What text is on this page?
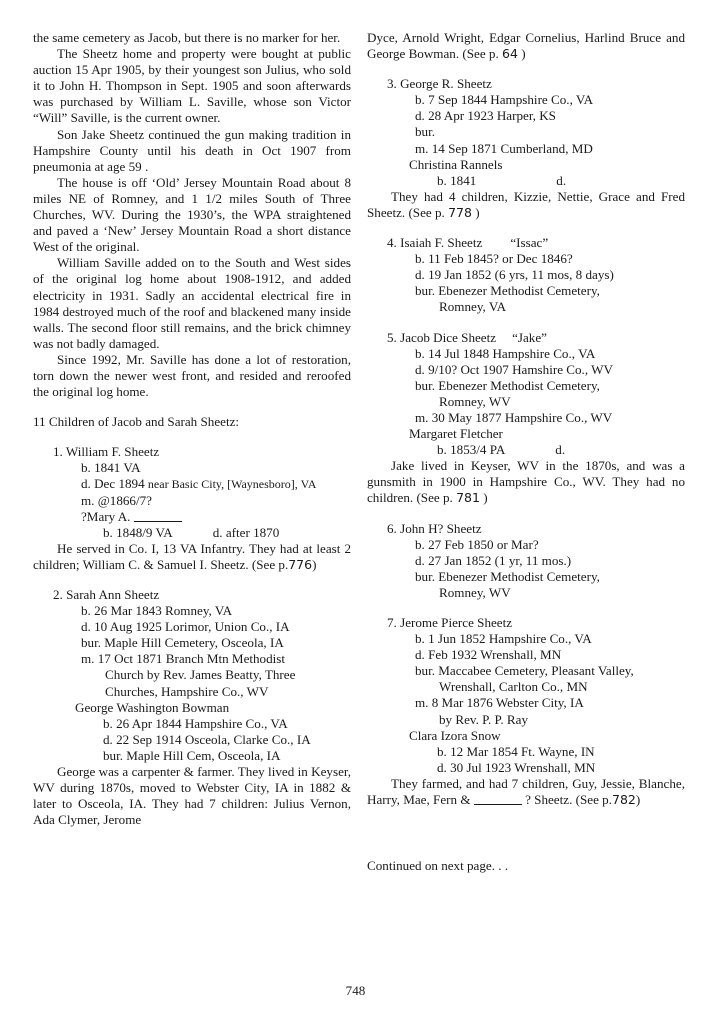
the same cemetery as Jacob, but there is no marker for her.

The Sheetz home and property were bought at public auction 15 Apr 1905, by their youngest son Julius, who sold it to John H. Thompson in Sept. 1905 and soon afterwards was purchased by William L. Saville, whose son Victor “Will” Saville, is the current owner.

Son Jake Sheetz continued the gun making tradition in Hampshire County until his death in Oct 1907 from pneumonia at age 59 .

The house is off ‘Old’ Jersey Mountain Road about 8 miles NE of Romney, and 1 1/2 miles South of Three Churches, WV. During the 1930’s, the WPA straightened and paved a ‘New’ Jersey Mountain Road a short distance West of the original.

William Saville added on to the South and West sides of the original log home about 1908-1912, and added electricity in 1931. Sadly an accidental electrical fire in 1984 destroyed much of the roof and blackened many inside walls. The second floor still remains, and the brick chimney was not badly damaged.

Since 1992, Mr. Saville has done a lot of restoration, torn down the newer west front, and resided and reroofed the original log home.

11 Children of Jacob and Sarah Sheetz:

1. William F. Sheetz
b. 1841 VA
d. Dec 1894 near Basic City, [Waynesboro], VA
m. @1866/7?
?Mary A.
b. 1848/9 VA	d. after 1870

He served in Co. I, 13 VA Infantry. They had at least 2 children; William C. & Samuel I. Sheetz. (See p.776)

2. Sarah Ann Sheetz
b. 26 Mar 1843 Romney, VA
d. 10 Aug 1925 Lorimor, Union Co., IA
bur. Maple Hill Cemetery, Osceola, IA
m. 17 Oct 1871 Branch Mtn Methodist
Church by Rev. James Beatty, Three
Churches, Hampshire Co., WV
George Washington Bowman
b. 26 Apr 1844 Hampshire Co., VA
d. 22 Sep 1914 Osceola, Clarke Co., IA
bur. Maple Hill Cem, Osceola, IA

George was a carpenter & farmer. They lived in Keyser, WV during 1870s, moved to Webster City, IA in 1882 & later to Osceola, IA. They had 7 children: Julius Vernon, Ada Clymer, Jerome

Dyce, Arnold Wright, Edgar Cornelius, Harlind Bruce and George Bowman. (See p. 64 )

3. George R. Sheetz
b. 7 Sep 1844 Hampshire Co., VA
d. 28 Apr 1923 Harper, KS
bur.
m. 14 Sep 1871 Cumberland, MD
Christina Rannels
b. 1841	d.

They had 4 children, Kizzie, Nettie, Grace and Fred Sheetz. (See p. 778 )

4. Isaiah F. Sheetz “Issac”
b. 11 Feb 1845? or Dec 1846?
d. 19 Jan 1852 (6 yrs, 11 mos, 8 days)
bur. Ebenezer Methodist Cemetery,
Romney, VA
5. Jacob Dice Sheetz “Jake”
b. 14 Jul 1848 Hampshire Co., VA
d. 9/10? Oct 1907 Hamshire Co., WV
bur. Ebenezer Methodist Cemetery,
Romney, WV
m. 30 May 1877 Hampshire Co., WV
Margaret Fletcher
b. 1853/4 PA	d.

Jake lived in Keyser, WV in the 1870s, and was a gunsmith in 1900 in Hampshire Co., WV. They had no children. (See p. 781 )

6. John H? Sheetz
b. 27 Feb 1850 or Mar?
d. 27 Jan 1852 (1 yr, 11 mos.)
bur. Ebenezer Methodist Cemetery,
Romney, WV
7. Jerome Pierce Sheetz
b. 1 Jun 1852 Hampshire Co., VA
d. Feb 1932 Wrenshall, MN
bur. Maccabee Cemetery, Pleasant Valley,
Wrenshall, Carlton Co., MN
m. 8 Mar 1876 Webster City, IA
by Rev. P. P. Ray
Clara Izora Snow
b. 12 Mar 1854 Ft. Wayne, IN
d. 30 Jul 1923 Wrenshall, MN

They farmed, and had 7 children, Guy, Jessie, Blanche, Harry, Mae, Fern &	? Sheetz. (See p.782)

Continued on next page. . .

748
